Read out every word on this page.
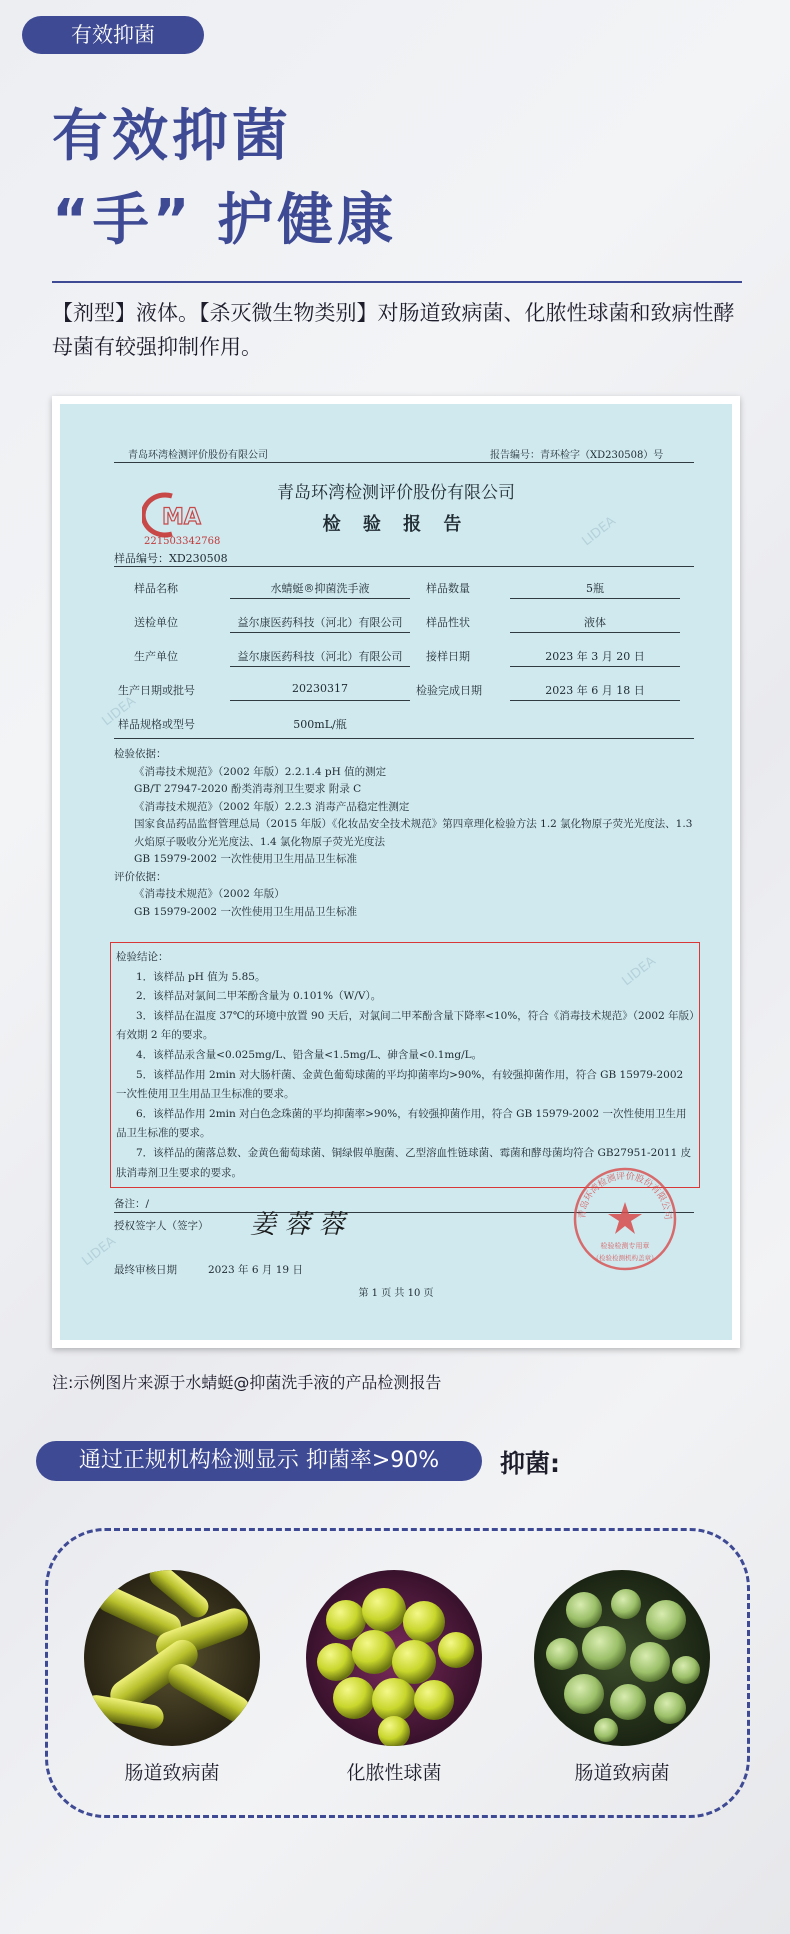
有效抑菌
有效抑菌
“手” 护健康
【剂型】液体。【杀灭微生物类别】对肠道致病菌、化脓性球菌和致病性酵母菌有较强抑制作用。
LIDEA
LIDEA
LIDEA
LIDEA
青岛环湾检测评价股份有限公司	报告编号：青环检字（XD230508）号
青岛环湾检测评价股份有限公司
检 验 报 告
MA
221503342768
样品编号：XD230508
样品名称	水蜻蜓®抑菌洗手液	样品数量	5瓶
送检单位	益尔康医药科技（河北）有限公司	样品性状	液体
生产单位	益尔康医药科技（河北）有限公司	接样日期	2023 年 3 月 20 日
生产日期或批号	20230317	检验完成日期	2023 年 6 月 18 日
样品规格或型号	500mL/瓶
检验依据：
《消毒技术规范》（2002 年版）2.2.1.4 pH 值的测定
GB/T 27947-2020 酚类消毒剂卫生要求 附录 C
《消毒技术规范》（2002 年版）2.2.3 消毒产品稳定性测定
国家食品药品监督管理总局（2015 年版）《化妆品安全技术规范》第四章理化检验方法 1.2 氯化物原子荧光光度法、1.3 火焰原子吸收分光光度法、1.4 氯化物原子荧光光度法
GB 15979-2002 一次性使用卫生用品卫生标准
评价依据：
《消毒技术规范》（2002 年版）
GB 15979-2002 一次性使用卫生用品卫生标准

检验结论：

1．该样品 pH 值为 5.85。

2．该样品对氯间二甲苯酚含量为 0.101%（W/V）。

3．该样品在温度 37℃的环境中放置 90 天后，对氯间二甲苯酚含量下降率<10%，符合《消毒技术规范》（2002 年版）有效期 2 年的要求。

4．该样品汞含量<0.025mg/L、铅含量<1.5mg/L、砷含量<0.1mg/L。

5．该样品作用 2min 对大肠杆菌、金黄色葡萄球菌的平均抑菌率均>90%，有较强抑菌作用，符合 GB 15979-2002 一次性使用卫生用品卫生标准的要求。

6．该样品作用 2min 对白色念珠菌的平均抑菌率>90%，有较强抑菌作用，符合 GB 15979-2002 一次性使用卫生用品卫生标准的要求。

7．该样品的菌落总数、金黄色葡萄球菌、铜绿假单胞菌、乙型溶血性链球菌、霉菌和酵母菌均符合 GB27951-2011 皮肤消毒剂卫生要求的要求。

备注：/
授权签字人（签字） 姜 蓉 蓉
最终审核日期	2023 年 6 月 19 日
青岛环湾检测评价股份有限公司
检验检测专用章
（检验检测机构盖章）
第 1 页 共 10 页
注:示例图片来源于水蜻蜓@抑菌洗手液的产品检测报告
通过正规机构检测显示 抑菌率>90%	抑菌:
肠道致病菌	化脓性球菌	肠道致病菌
